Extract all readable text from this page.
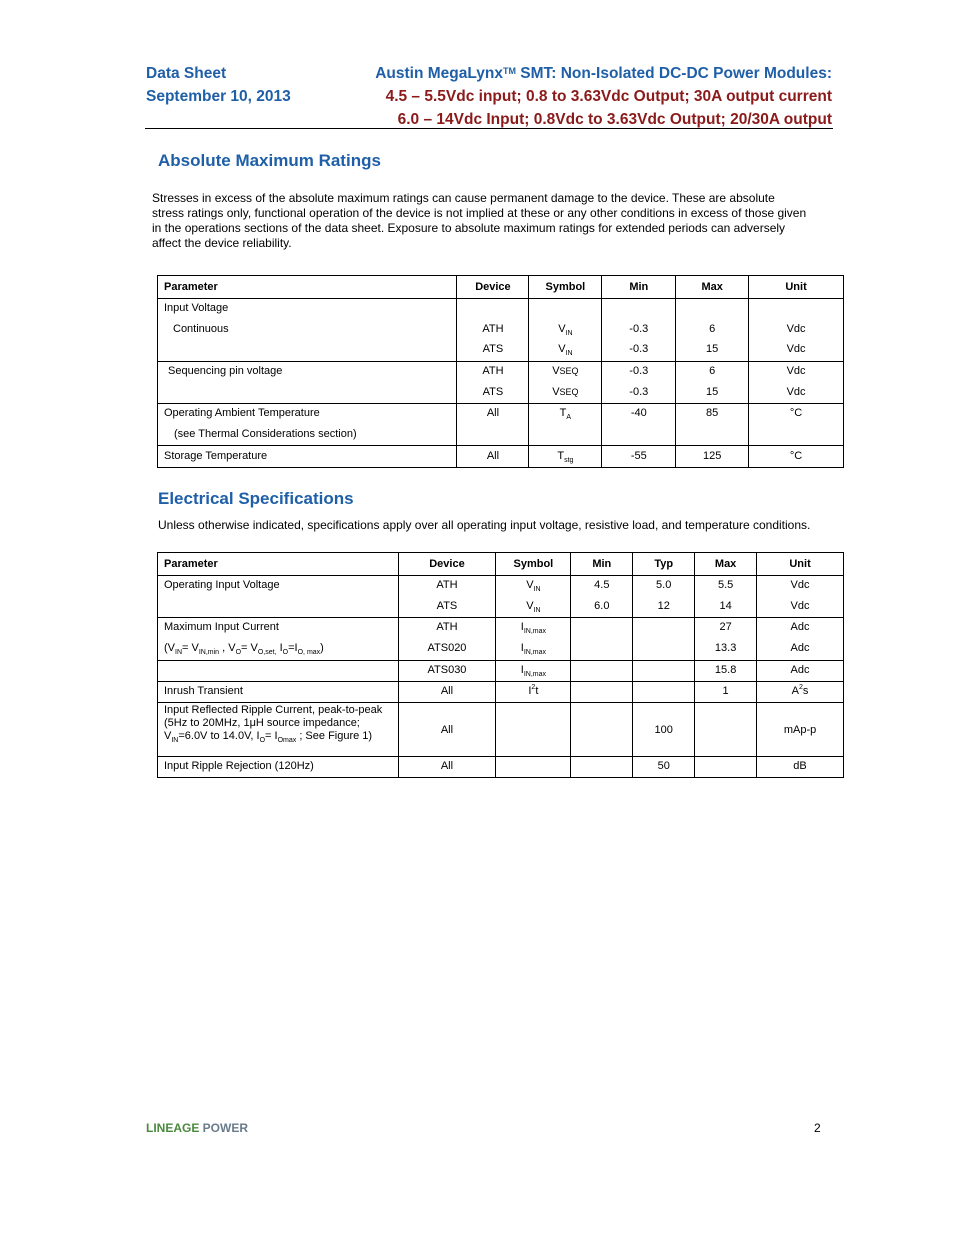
Data Sheet
September 10, 2013
Austin MegaLynx™ SMT: Non-Isolated DC-DC Power Modules:
4.5 – 5.5Vdc input; 0.8 to 3.63Vdc Output; 30A output current
6.0 – 14Vdc Input; 0.8Vdc to 3.63Vdc Output; 20/30A output
Absolute Maximum Ratings
Stresses in excess of the absolute maximum ratings can cause permanent damage to the device. These are absolute stress ratings only, functional operation of the device is not implied at these or any other conditions in excess of those given in the operations sections of the data sheet. Exposure to absolute maximum ratings for extended periods can adversely affect the device reliability.
Parameter	Device	Symbol	Min	Max	Unit
Input Voltage					
Continuous	ATH	$V_{IN}$	-0.3	6	Vdc
	ATS	$V_{IN}$	-0.3	15	Vdc
Sequencing pin voltage	ATH	VSEQ	-0.3	6	Vdc
	ATS	VSEQ	-0.3	15	Vdc
Operating Ambient Temperature	All	$T_A$	-40	85	°C
(see Thermal Considerations section)					
Storage Temperature	All	$T_{stg}$	-55	125	°C
Electrical Specifications
Unless otherwise indicated, specifications apply over all operating input voltage, resistive load, and temperature conditions.
Parameter	Device	Symbol	Min	Typ	Max	Unit
Operating Input Voltage	ATH	$V_{IN}$	4.5	5.0	5.5	Vdc
	ATS	$V_{IN}$	6.0	12	14	Vdc
Maximum Input Current	ATH	$I_{IN,max}$			27	Adc
($V_{IN}= V_{IN,min}$ , $V_O= V_{O,set,}$ $I_O=I_{O, max}$)	ATS020	$I_{IN,max}$			13.3	Adc
	ATS030	$I_{IN,max}$			15.8	Adc
Inrush Transient	All	$I^2t$			1	$A^2s$

Input Reflected Ripple Current, peak-to-peak
(5Hz to 20MHz, 1μH source impedance;
$V_{IN}=6.0V$ to 14.0V, $I_O= I_{Omax}$ ; See Figure 1)	All			100		mAp-p
Input Ripple Rejection (120Hz)	All			50		dB
LINEAGE POWER	2
